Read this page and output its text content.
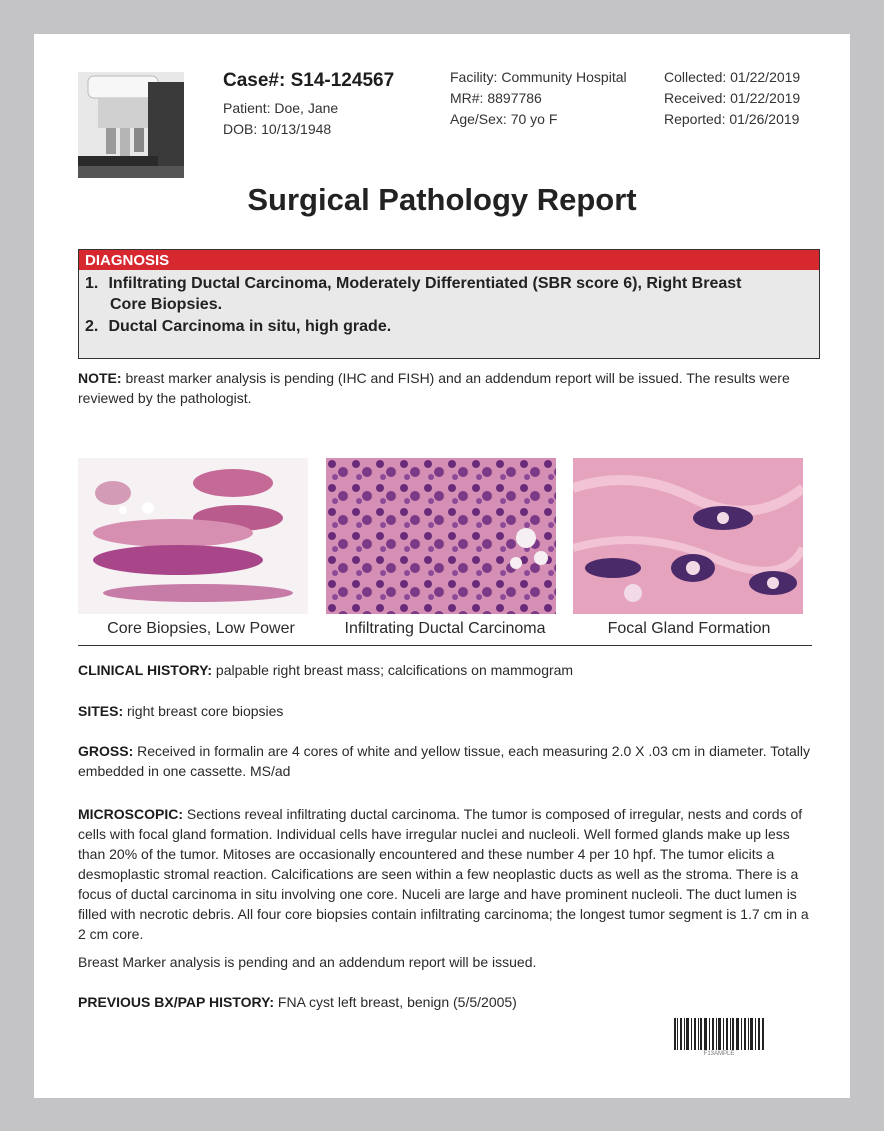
Case#: S14-124567
Patient: Doe, Jane
DOB: 10/13/1948
Facility: Community Hospital
MR#: 8897786
Age/Sex: 70 yo F
Collected: 01/22/2019
Received: 01/22/2019
Reported: 01/26/2019
Surgical Pathology Report
DIAGNOSIS
1. Infiltrating Ductal Carcinoma, Moderately Differentiated (SBR score 6), Right Breast
Core Biopsies.
2. Ductal Carcinoma in situ, high grade.
NOTE: breast marker analysis is pending (IHC and FISH) and an addendum report will be issued. The results were reviewed by the pathologist.
Core Biopsies, Low Power	Infiltrating Ductal Carcinoma	Focal Gland Formation
CLINICAL HISTORY: palpable right breast mass; calcifications on mammogram
SITES: right breast core biopsies
GROSS: Received in formalin are 4 cores of white and yellow tissue, each measuring 2.0 X .03 cm in diameter. Totally embedded in one cassette. MS/ad
MICROSCOPIC: Sections reveal infiltrating ductal carcinoma. The tumor is composed of irregular, nests and cords of cells with focal gland formation. Individual cells have irregular nuclei and nucleoli. Well formed glands make up less than 20% of the tumor. Mitoses are occasionally encountered and these number 4 per 10 hpf. The tumor elicits a desmoplastic stromal reaction. Calcifications are seen within a few neoplastic ducts as well as the stroma. There is a focus of ductal carcinoma in situ involving one core. Nuceli are large and have prominent nucleoli. The duct lumen is filled with necrotic debris. All four core biopsies contain infiltrating carcinoma; the longest tumor segment is 1.7 cm in a 2 cm core.
Breast Marker analysis is pending and an addendum report will be issued.
PREVIOUS BX/PAP HISTORY: FNA cyst left breast, benign (5/5/2005)
F13AMPLE
